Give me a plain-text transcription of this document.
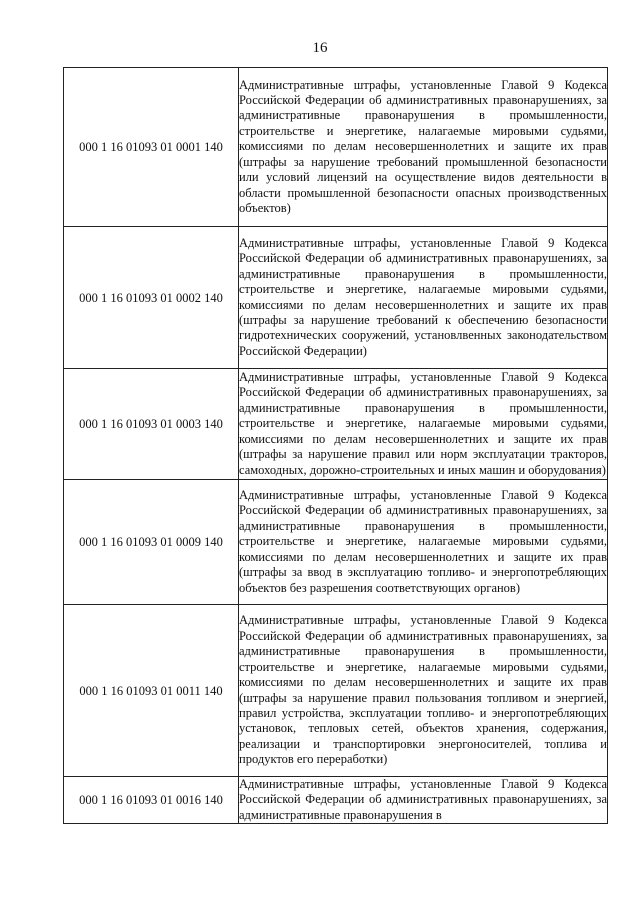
16
000 1 16 01093 01 0001 140	Административные штрафы, установленные Главой 9 Кодекса Российской Федерации об административных правонарушениях, за административные правонарушения в промышленности, строительстве и энергетике, налагаемые мировыми судьями, комиссиями по делам несовершеннолетних и защите их прав (штрафы за нарушение требований промышленной безопасности или условий лицензий на осуществление видов деятельности в области промышленной безопасности опасных производственных объектов)
000 1 16 01093 01 0002 140	Административные штрафы, установленные Главой 9 Кодекса Российской Федерации об административных правонарушениях, за административные правонарушения в промышленности, строительстве и энергетике, налагаемые мировыми судьями, комиссиями по делам несовершеннолетних и защите их прав (штрафы за нарушение требований к обеспечению безопасности гидротехнических сооружений, установлвенных законодательством Российской Федерации)
000 1 16 01093 01 0003 140	Административные штрафы, установленные Главой 9 Кодекса Российской Федерации об административных правонарушениях, за административные правонарушения в промышленности, строительстве и энергетике, налагаемые мировыми судьями, комиссиями по делам несовершеннолетних и защите их прав (штрафы за нарушение правил или норм эксплуатации тракторов, самоходных, дорожно-строительных и иных машин и оборудования)
000 1 16 01093 01 0009 140	Административные штрафы, установленные Главой 9 Кодекса Российской Федерации об административных правонарушениях, за административные правонарушения в промышленности, строительстве и энергетике, налагаемые мировыми судьями, комиссиями по делам несовершеннолетних и защите их прав (штрафы за ввод в эксплуатацию топливо- и энергопотребляющих объектов без разрешения соответствующих органов)
000 1 16 01093 01 0011 140	Административные штрафы, установленные Главой 9 Кодекса Российской Федерации об административных правонарушениях, за административные правонарушения в промышленности, строительстве и энергетике, налагаемые мировыми судьями, комиссиями по делам несовершеннолетних и защите их прав (штрафы за нарушение правил пользования топливом и энергией, правил устройства, эксплуатации топливо- и энергопотребляющих установок, тепловых сетей, объектов хранения, содержания, реализации и транспортировки энергоносителей, топлива и продуктов его переработки)
000 1 16 01093 01 0016 140	Административные штрафы, установленные Главой 9 Кодекса Российской Федерации об административных правонарушениях, за административные правонарушения в
